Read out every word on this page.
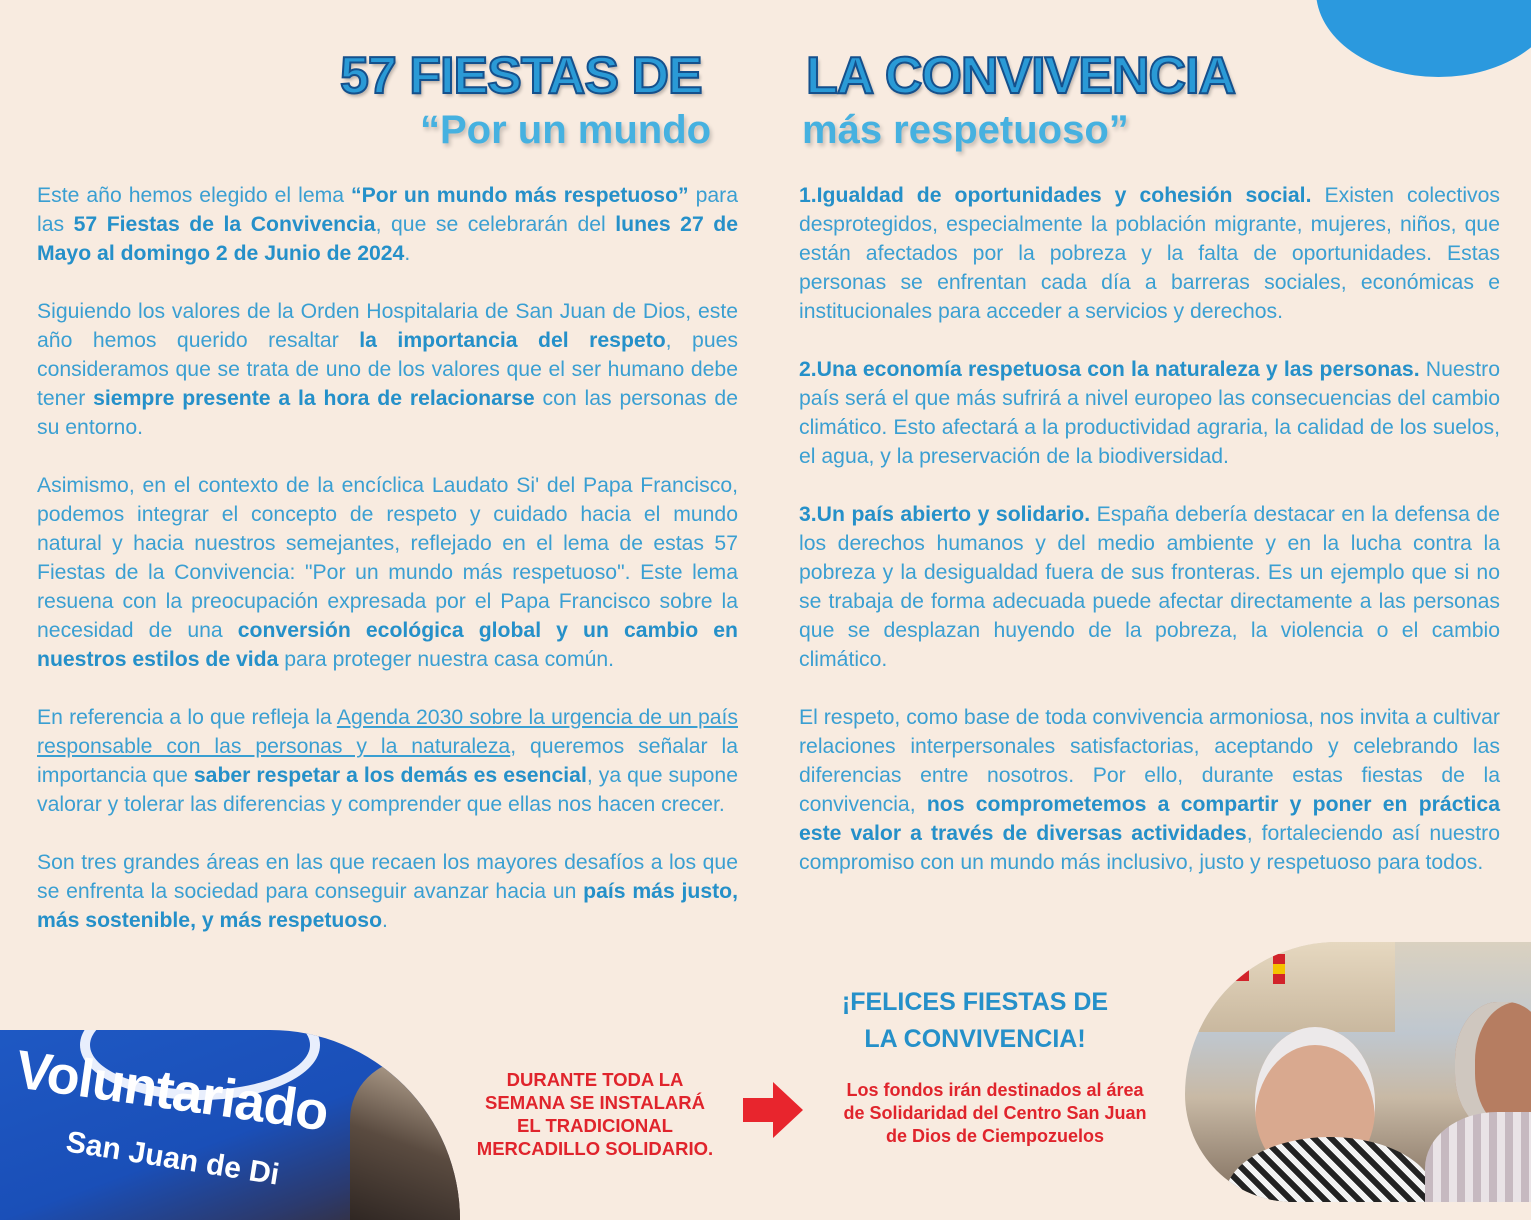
57 FIESTAS DE LA CONVIVENCIA
“Por un mundo más respetuoso”

Este año hemos elegido el lema “Por un mundo más respetuoso” para las 57 Fiestas de la Convivencia, que se celebrarán del lunes 27 de Mayo al domingo 2 de Junio de 2024.

Siguiendo los valores de la Orden Hospitalaria de San Juan de Dios, este año hemos querido resaltar la importancia del respeto, pues consideramos que se trata de uno de los valores que el ser humano debe tener siempre presente a la hora de relacionarse con las personas de su entorno.

Asimismo, en el contexto de la encíclica Laudato Si' del Papa Francisco, podemos integrar el concepto de respeto y cuidado hacia el mundo natural y hacia nuestros semejantes, reflejado en el lema de estas 57 Fiestas de la Convivencia: "Por un mundo más respetuoso". Este lema resuena con la preocupación expresada por el Papa Francisco sobre la necesidad de una conversión ecológica global y un cambio en nuestros estilos de vida para proteger nuestra casa común.

En referencia a lo que refleja la Agenda 2030 sobre la urgencia de un país responsable con las personas y la naturaleza, queremos señalar la importancia que saber respetar a los demás es esencial, ya que supone valorar y tolerar las diferencias y comprender que ellas nos hacen crecer.

Son tres grandes áreas en las que recaen los mayores desafíos a los que se enfrenta la sociedad para conseguir avanzar hacia un país más justo, más sostenible, y más respetuoso.

1.Igualdad de oportunidades y cohesión social. Existen colectivos desprotegidos, especialmente la población migrante, mujeres, niños, que están afectados por la pobreza y la falta de oportunidades. Estas personas se enfrentan cada día a barreras sociales, económicas e institucionales para acceder a servicios y derechos.

2.Una economía respetuosa con la naturaleza y las personas. Nuestro país será el que más sufrirá a nivel europeo las consecuencias del cambio climático. Esto afectará a la productividad agraria, la calidad de los suelos, el agua, y la preservación de la biodiversidad.

3.Un país abierto y solidario. España debería destacar en la defensa de los derechos humanos y del medio ambiente y en la lucha contra la pobreza y la desigualdad fuera de sus fronteras. Es un ejemplo que si no se trabaja de forma adecuada puede afectar directamente a las personas que se desplazan huyendo de la pobreza, la violencia o el cambio climático.

El respeto, como base de toda convivencia armoniosa, nos invita a cultivar relaciones interpersonales satisfactorias, aceptando y celebrando las diferencias entre nosotros. Por ello, durante estas fiestas de la convivencia, nos comprometemos a compartir y poner en práctica este valor a través de diversas actividades, fortaleciendo así nuestro compromiso con un mundo más inclusivo, justo y respetuoso para todos.

¡FELICES FIESTAS DE
LA CONVIVENCIA!
Voluntariado
San Juan de Di
DURANTE TODA LA
SEMANA SE INSTALARÁ
EL TRADICIONAL
MERCADILLO SOLIDARIO.
Los fondos irán destinados al área
de Solidaridad del Centro San Juan
de Dios de Ciempozuelos
